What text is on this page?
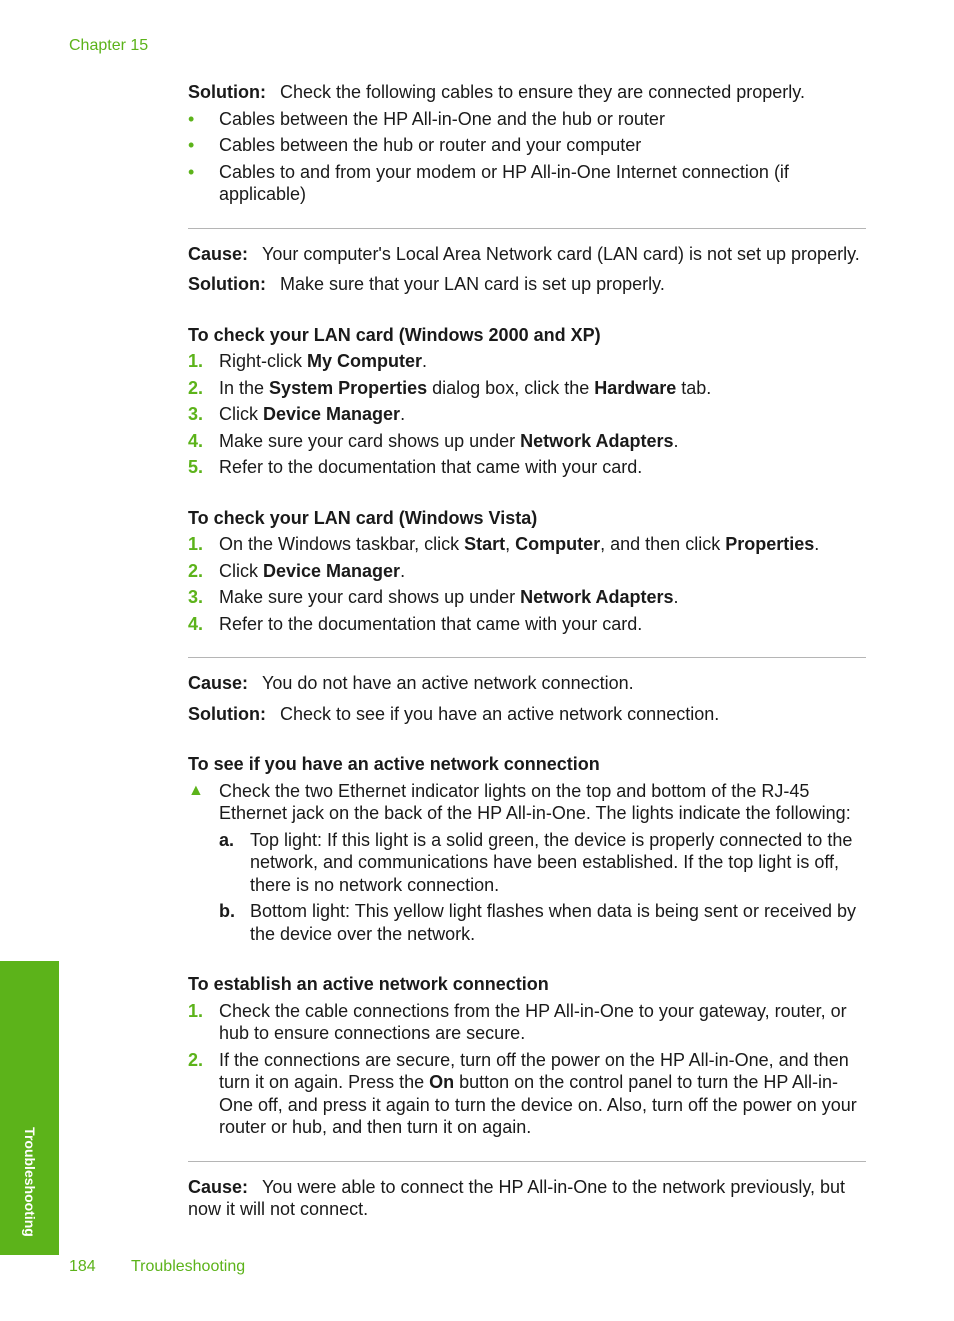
Chapter 15

Solution: Check the following cables to ensure they are connected properly.

• Cables between the HP All-in-One and the hub or router
• Cables between the hub or router and your computer
• Cables to and from your modem or HP All-in-One Internet connection (if applicable)

Cause: Your computer's Local Area Network card (LAN card) is not set up properly.

Solution: Make sure that your LAN card is set up properly.

To check your LAN card (Windows 2000 and XP)

1. Right-click My Computer.
2. In the System Properties dialog box, click the Hardware tab.
3. Click Device Manager.
4. Make sure your card shows up under Network Adapters.
5. Refer to the documentation that came with your card.

To check your LAN card (Windows Vista)

1. On the Windows taskbar, click Start, Computer, and then click Properties.
2. Click Device Manager.
3. Make sure your card shows up under Network Adapters.
4. Refer to the documentation that came with your card.

Cause: You do not have an active network connection.

Solution: Check to see if you have an active network connection.

To see if you have an active network connection

▲ Check the two Ethernet indicator lights on the top and bottom of the RJ-45 Ethernet jack on the back of the HP All-in-One. The lights indicate the following:
a. Top light: If this light is a solid green, the device is properly connected to the network, and communications have been established. If the top light is off, there is no network connection.
b. Bottom light: This yellow light flashes when data is being sent or received by the device over the network.

To establish an active network connection

1. Check the cable connections from the HP All-in-One to your gateway, router, or hub to ensure connections are secure.
2. If the connections are secure, turn off the power on the HP All-in-One, and then turn it on again. Press the On button on the control panel to turn the HP All-in-One off, and press it again to turn the device on. Also, turn off the power on your router or hub, and then turn it on again.

Cause: You were able to connect the HP All-in-One to the network previously, but now it will not connect.

Troubleshooting
184 Troubleshooting
